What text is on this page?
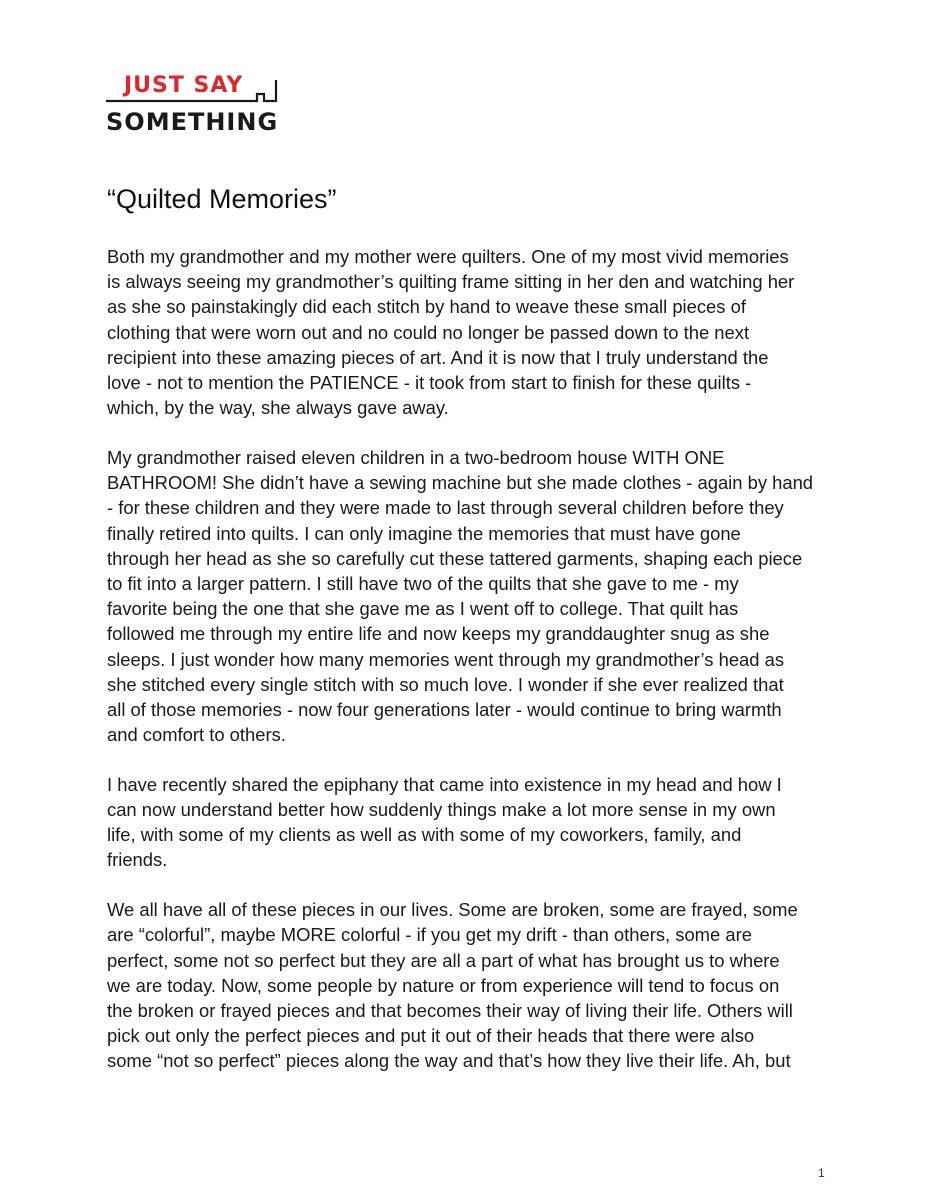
JUST SAY
SOMETHING
“Quilted Memories”

Both my grandmother and my mother were quilters. One of my most vivid memories
is always seeing my grandmother’s quilting frame sitting in her den and watching her
as she so painstakingly did each stitch by hand to weave these small pieces of
clothing that were worn out and no could no longer be passed down to the next
recipient into these amazing pieces of art. And it is now that I truly understand the
love - not to mention the PATIENCE - it took from start to finish for these quilts -
which, by the way, she always gave away.

My grandmother raised eleven children in a two-bedroom house WITH ONE
BATHROOM! She didn’t have a sewing machine but she made clothes - again by hand
- for these children and they were made to last through several children before they
finally retired into quilts. I can only imagine the memories that must have gone
through her head as she so carefully cut these tattered garments, shaping each piece
to fit into a larger pattern. I still have two of the quilts that she gave to me - my
favorite being the one that she gave me as I went off to college. That quilt has
followed me through my entire life and now keeps my granddaughter snug as she
sleeps. I just wonder how many memories went through my grandmother’s head as
she stitched every single stitch with so much love. I wonder if she ever realized that
all of those memories - now four generations later - would continue to bring warmth
and comfort to others.

I have recently shared the epiphany that came into existence in my head and how I
can now understand better how suddenly things make a lot more sense in my own
life, with some of my clients as well as with some of my coworkers, family, and
friends.

We all have all of these pieces in our lives. Some are broken, some are frayed, some
are “colorful”, maybe MORE colorful - if you get my drift - than others, some are
perfect, some not so perfect but they are all a part of what has brought us to where
we are today. Now, some people by nature or from experience will tend to focus on
the broken or frayed pieces and that becomes their way of living their life. Others will
pick out only the perfect pieces and put it out of their heads that there were also
some “not so perfect” pieces along the way and that’s how they live their life. Ah, but

1
